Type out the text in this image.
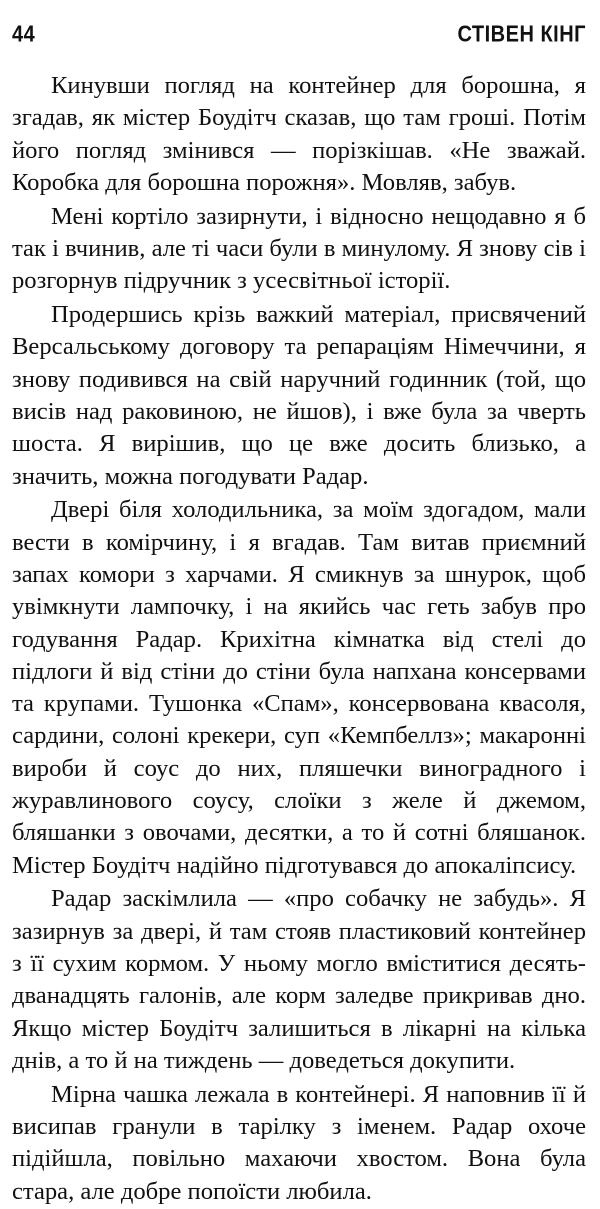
44	СТІВЕН КІНГ

Кинувши погляд на контейнер для борошна, я згадав, як містер Боудітч сказав, що там гроші. Потім його погляд змінився — порізкішав. «Не зважай. Коробка для борошна порожня». Мовляв, забув.

Мені кортіло зазирнути, і відносно нещодавно я б так і вчинив, але ті часи були в минулому. Я знову сів і розгорнув підручник з усесвітньої історії.

Продершись крізь важкий матеріал, присвячений Версальському договору та репараціям Німеччини, я знову подивився на свій наручний годинник (той, що висів над раковиною, не йшов), і вже була за чверть шоста. Я вирішив, що це вже досить близько, а значить, можна погодувати Радар.

Двері біля холодильника, за моїм здогадом, мали вести в комірчину, і я вгадав. Там витав приємний запах комори з харчами. Я смикнув за шнурок, щоб увімкнути лампочку, і на якийсь час геть забув про годування Радар. Крихітна кімнатка від стелі до підлоги й від стіни до стіни була напхана консервами та крупами. Тушонка «Спам», консервована квасоля, сардини, солоні крекери, суп «Кемпбеллз»; макаронні вироби й соус до них, пляшечки виноградного і журавлинового соусу, слоїки з желе й джемом, бляшанки з овочами, десятки, а то й сотні бляшанок. Містер Боудітч надійно підготувався до апокаліпсису.

Радар заскімлила — «про собачку не забудь». Я зазирнув за двері, й там стояв пластиковий контейнер з її сухим кормом. У ньому могло вміститися десять-дванадцять галонів, але корм заледве прикривав дно. Якщо містер Боудітч залишиться в лікарні на кілька днів, а то й на тиждень — доведеться докупити.

Мірна чашка лежала в контейнері. Я наповнив її й висипав гранули в тарілку з іменем. Радар охоче підійшла, повільно махаючи хвостом. Вона була стара, але добре попоїсти любила.
